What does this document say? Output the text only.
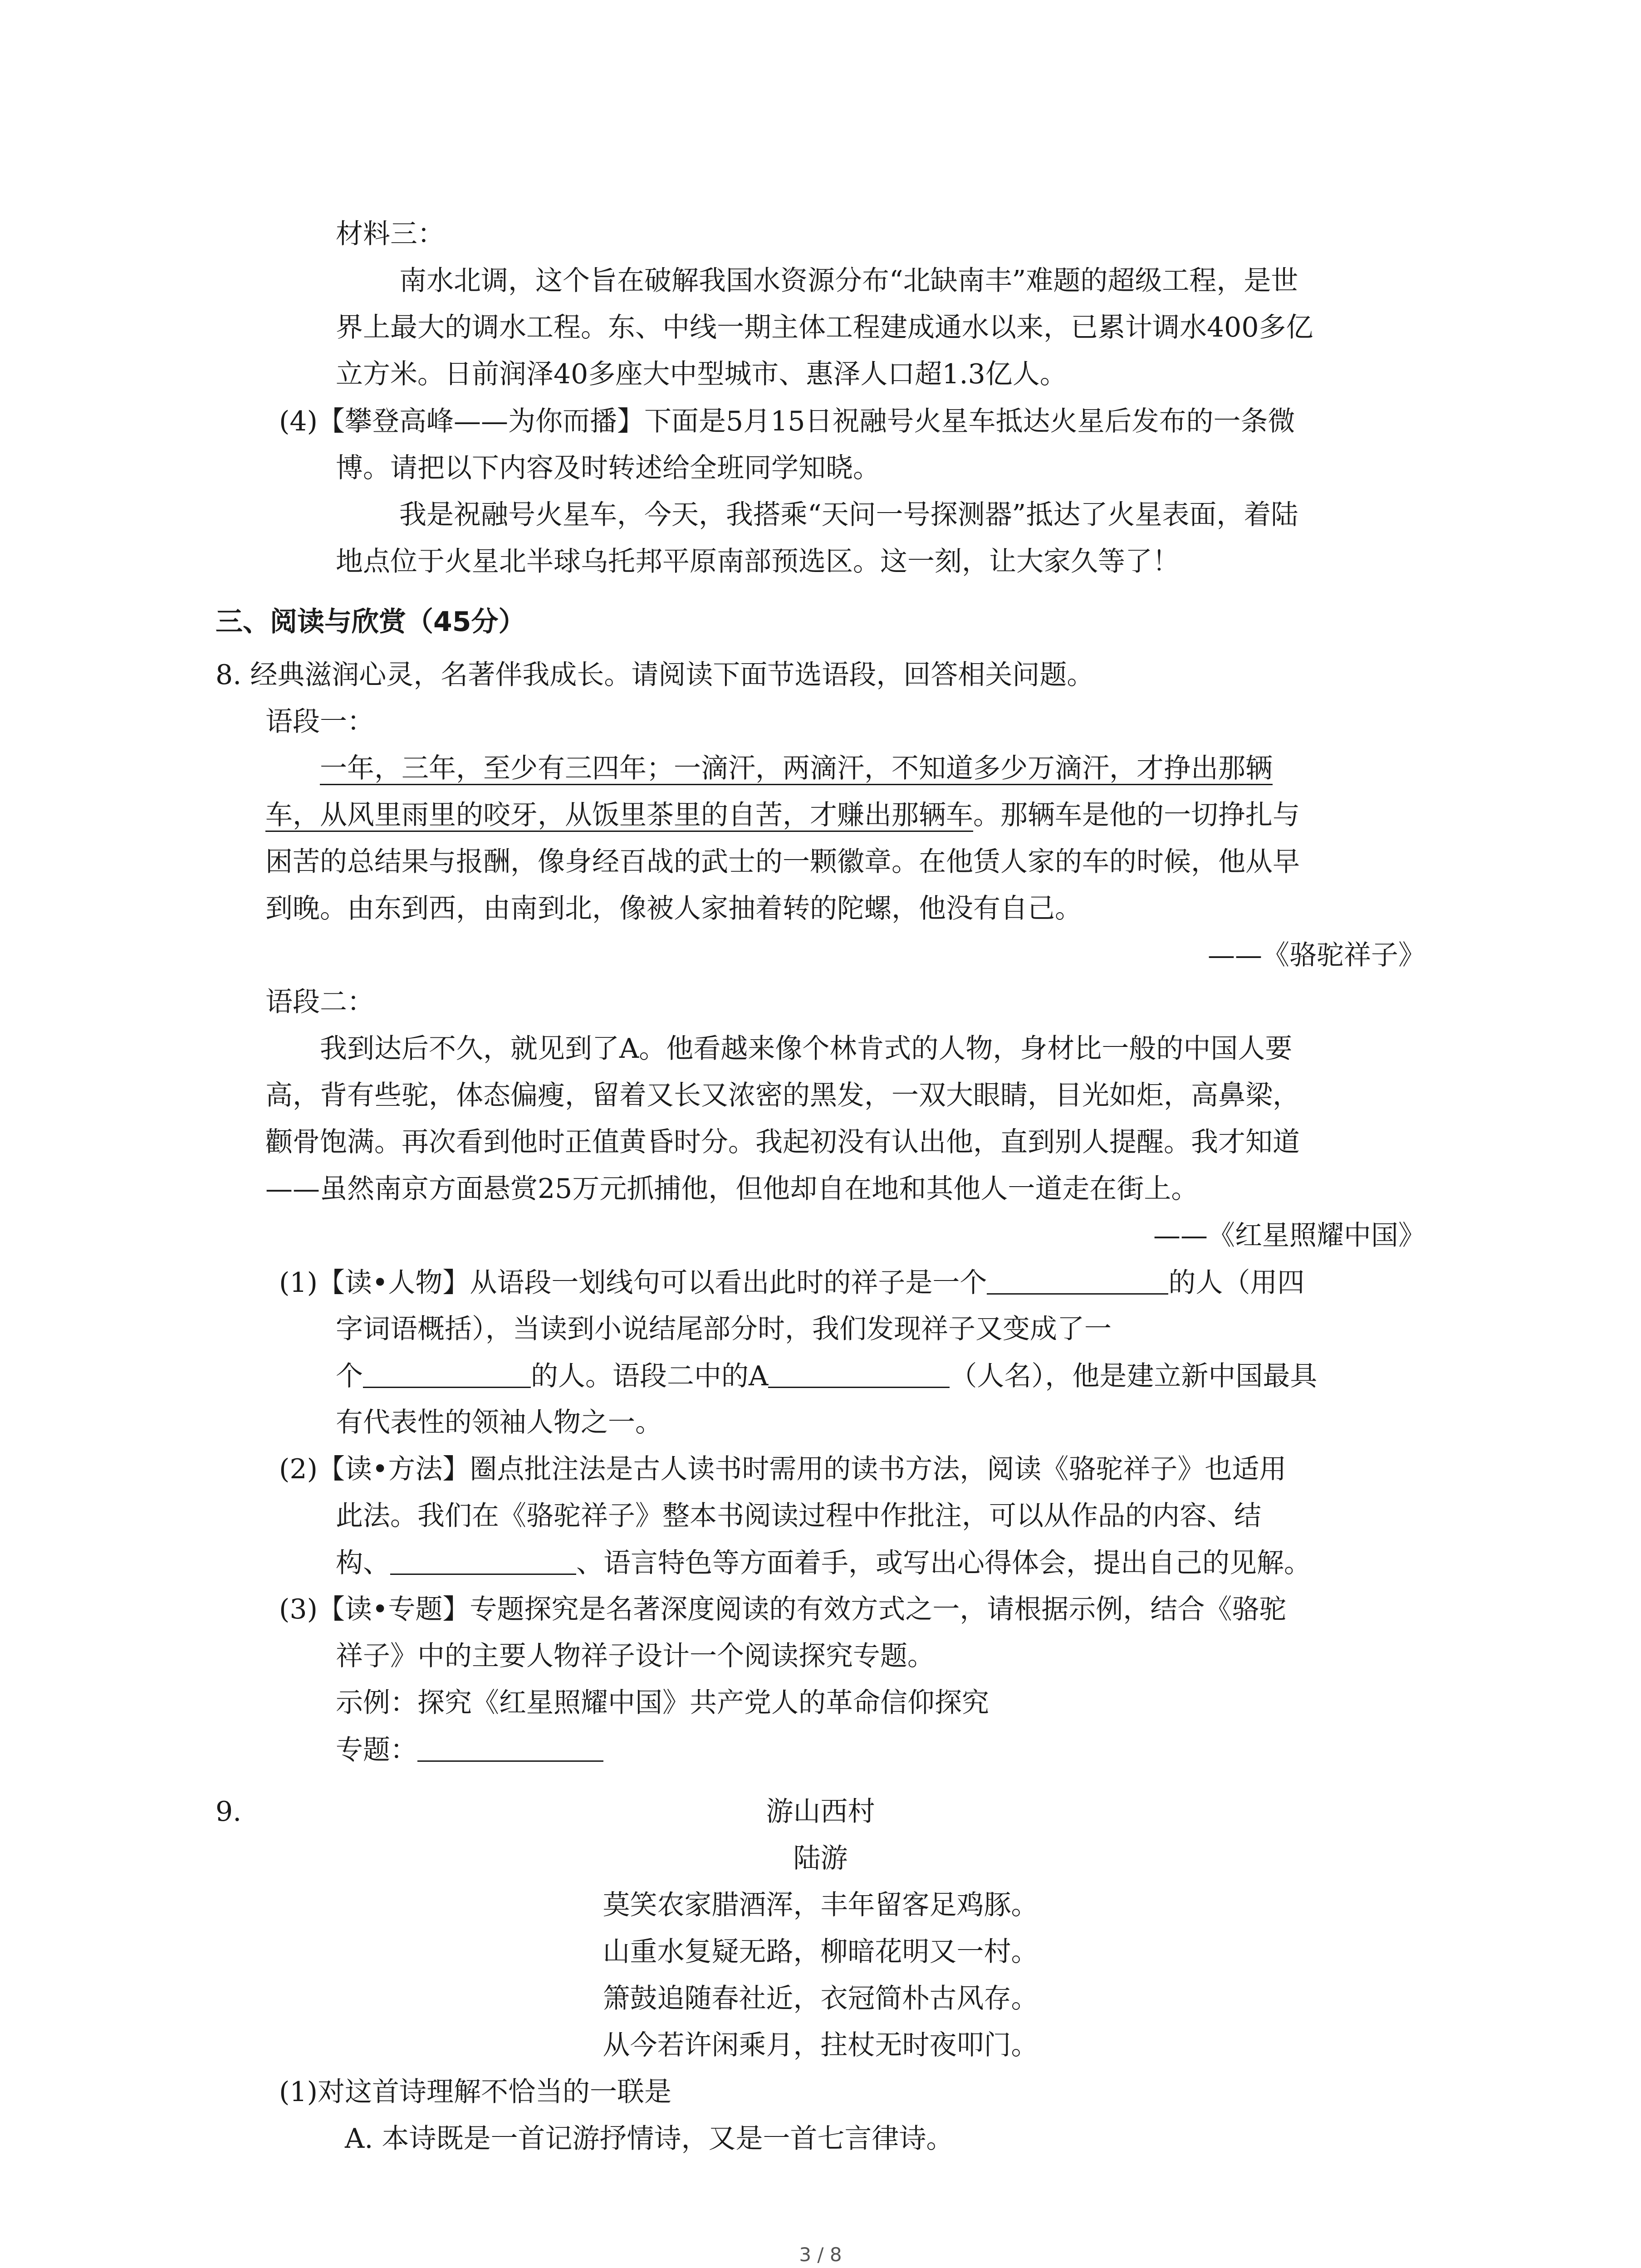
材料三：
南水北调，这个旨在破解我国水资源分布“北缺南丰”难题的超级工程，是世
界上最大的调水工程。东、中线一期主体工程建成通水以来，已累计调水400多亿
立方米。日前润泽40多座大中型城市、惠泽人口超1.3亿人。
(4)【攀登高峰——为你而播】下面是5月15日祝融号火星车抵达火星后发布的一条微
博。请把以下内容及时转述给全班同学知晓。
我是祝融号火星车，今天，我搭乘“天问一号探测器”抵达了火星表面，着陆
地点位于火星北半球乌托邦平原南部预选区。这一刻，让大家久等了！
三、阅读与欣赏（45分）
8. 经典滋润心灵，名著伴我成长。请阅读下面节选语段，回答相关问题。
语段一：
一年，三年，至少有三四年；一滴汗，两滴汗，不知道多少万滴汗，才挣出那辆
车，从风里雨里的咬牙，从饭里茶里的自苦，才赚出那辆车。那辆车是他的一切挣扎与
困苦的总结果与报酬，像身经百战的武士的一颗徽章。在他赁人家的车的时候，他从早
到晚。由东到西，由南到北，像被人家抽着转的陀螺，他没有自己。
——《骆驼祥子》
语段二：
我到达后不久，就见到了A。他看越来像个林肯式的人物，身材比一般的中国人要
高，背有些驼，体态偏瘦，留着又长又浓密的黑发，一双大眼睛，目光如炬，高鼻梁，
颧骨饱满。再次看到他时正值黄昏时分。我起初没有认出他，直到别人提醒。我才知道
——虽然南京方面悬赏25万元抓捕他，但他却自在地和其他人一道走在街上。
——《红星照耀中国》
(1)【读•人物】从语段一划线句可以看出此时的祥子是一个	的人（用四
字词语概括），当读到小说结尾部分时，我们发现祥子又变成了一
个	的人。语段二中的A	（人名），他是建立新中国最具
有代表性的领袖人物之一。
(2)【读•方法】圈点批注法是古人读书时需用的读书方法，阅读《骆驼祥子》也适用
此法。我们在《骆驼祥子》整本书阅读过程中作批注，可以从作品的内容、结
构、	、语言特色等方面着手，或写出心得体会，提出自己的见解。
(3)【读•专题】专题探究是名著深度阅读的有效方式之一，请根据示例，结合《骆驼
祥子》中的主要人物祥子设计一个阅读探究专题。
示例：探究《红星照耀中国》共产党人的革命信仰探究
专题：
9.	游山西村
陆游
莫笑农家腊酒浑，丰年留客足鸡豚。
山重水复疑无路，柳暗花明又一村。
箫鼓追随春社近，衣冠简朴古风存。
从今若许闲乘月，拄杖无时夜叩门。
(1)对这首诗理解不恰当的一联是
A. 本诗既是一首记游抒情诗，又是一首七言律诗。
3 / 8
